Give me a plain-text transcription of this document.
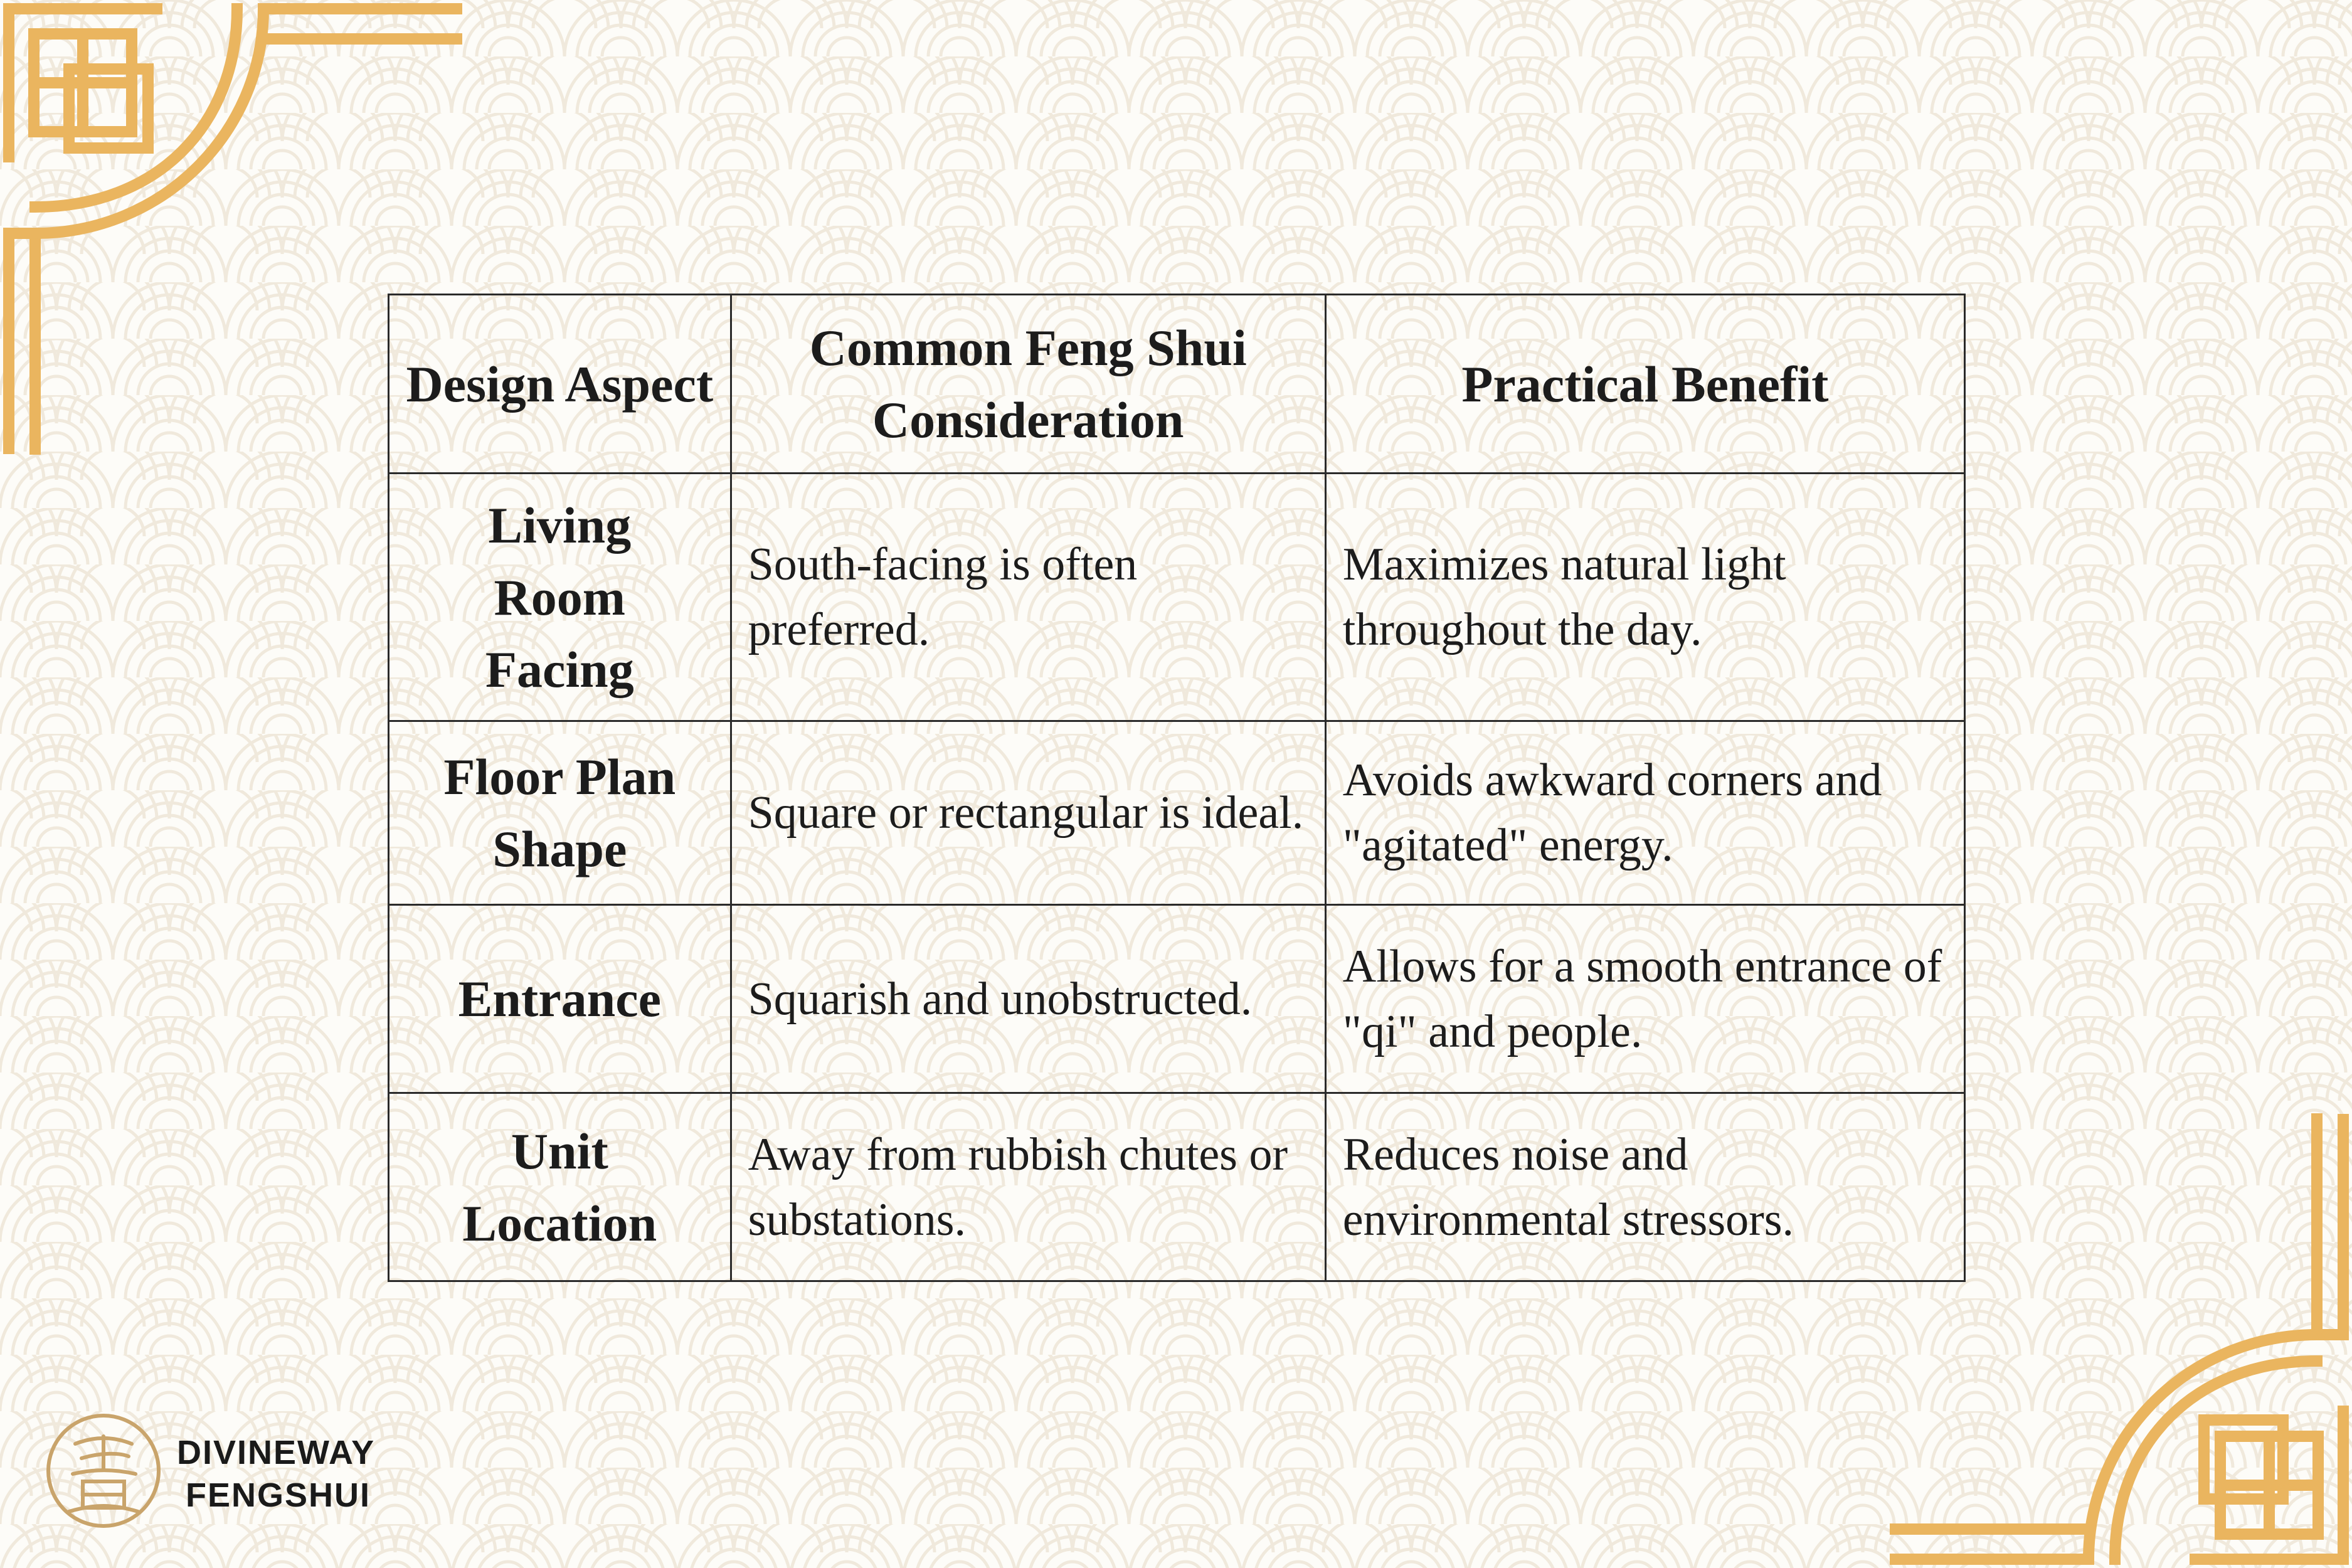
Design Aspect	Common Feng Shui Consideration	Practical Benefit

Living Room Facing	South-facing is often preferred.	Maximizes natural light throughout the day.

Floor Plan Shape	Square or rectangular is ideal.	Avoids awkward corners and "agitated" energy.
Entrance	Squarish and unobstructed.	Allows for a smooth entrance of "qi" and people.

Unit Location	Away from rubbish chutes or substations.	Reduces noise and environmental stressors.
DIVINEWAY
FENGSHUI
